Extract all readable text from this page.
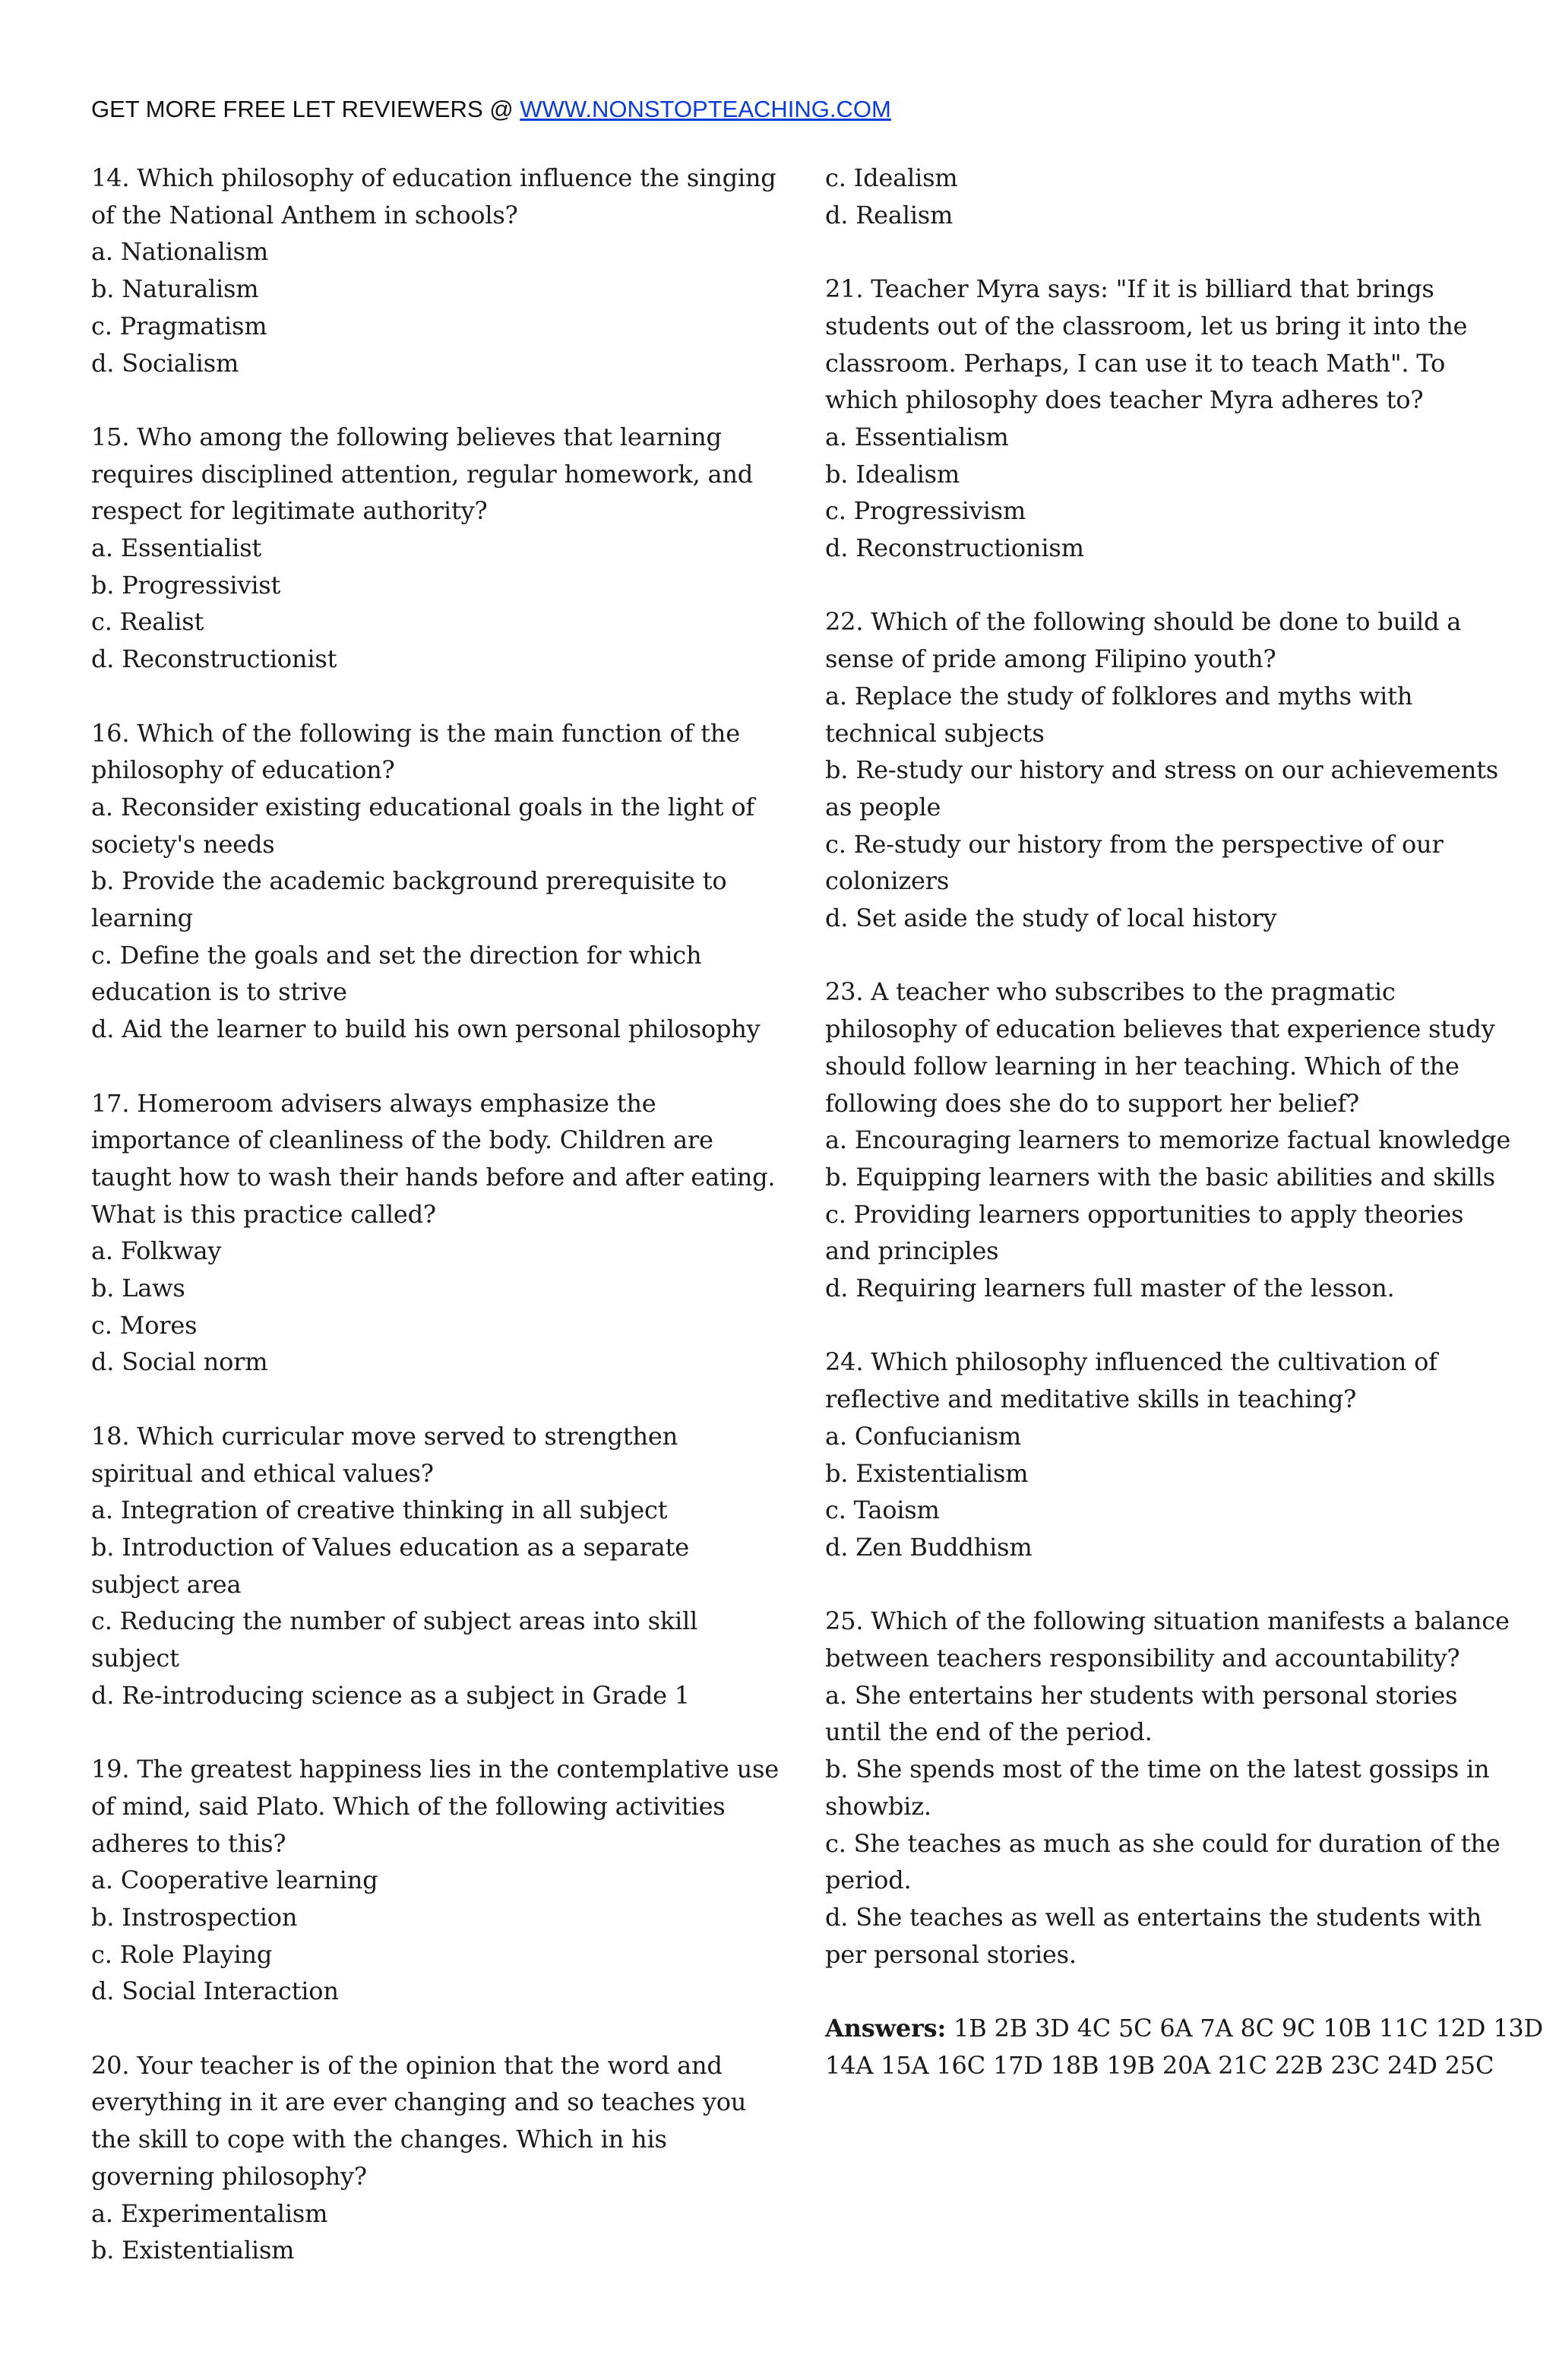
GET MORE FREE LET REVIEWERS @ WWW.NONSTOPTEACHING.COM
14. Which philosophy of education influence the singing
of the National Anthem in schools?
a. Nationalism
b. Naturalism
c. Pragmatism
d. Socialism
15. Who among the following believes that learning
requires disciplined attention, regular homework, and
respect for legitimate authority?
a. Essentialist
b. Progressivist
c. Realist
d. Reconstructionist
16. Which of the following is the main function of the
philosophy of education?
a. Reconsider existing educational goals in the light of
society's needs
b. Provide the academic background prerequisite to
learning
c. Define the goals and set the direction for which
education is to strive
d. Aid the learner to build his own personal philosophy
17. Homeroom advisers always emphasize the
importance of cleanliness of the body. Children are
taught how to wash their hands before and after eating.
What is this practice called?
a. Folkway
b. Laws
c. Mores
d. Social norm
18. Which curricular move served to strengthen
spiritual and ethical values?
a. Integration of creative thinking in all subject
b. Introduction of Values education as a separate
subject area
c. Reducing the number of subject areas into skill
subject
d. Re-introducing science as a subject in Grade 1
19. The greatest happiness lies in the contemplative use
of mind, said Plato. Which of the following activities
adheres to this?
a. Cooperative learning
b. Instrospection
c. Role Playing
d. Social Interaction
20. Your teacher is of the opinion that the word and
everything in it are ever changing and so teaches you
the skill to cope with the changes. Which in his
governing philosophy?
a. Experimentalism
b. Existentialism
c. Idealism
d. Realism
21. Teacher Myra says: "If it is billiard that brings
students out of the classroom, let us bring it into the
classroom. Perhaps, I can use it to teach Math". To
which philosophy does teacher Myra adheres to?
a. Essentialism
b. Idealism
c. Progressivism
d. Reconstructionism
22. Which of the following should be done to build a
sense of pride among Filipino youth?
a. Replace the study of folklores and myths with
technical subjects
b. Re-study our history and stress on our achievements
as people
c. Re-study our history from the perspective of our
colonizers
d. Set aside the study of local history
23. A teacher who subscribes to the pragmatic
philosophy of education believes that experience study
should follow learning in her teaching. Which of the
following does she do to support her belief?
a. Encouraging learners to memorize factual knowledge
b. Equipping learners with the basic abilities and skills
c. Providing learners opportunities to apply theories
and principles
d. Requiring learners full master of the lesson.
24. Which philosophy influenced the cultivation of
reflective and meditative skills in teaching?
a. Confucianism
b. Existentialism
c. Taoism
d. Zen Buddhism
25. Which of the following situation manifests a balance
between teachers responsibility and accountability?
a. She entertains her students with personal stories
until the end of the period.
b. She spends most of the time on the latest gossips in
showbiz.
c. She teaches as much as she could for duration of the
period.
d. She teaches as well as entertains the students with
per personal stories.
Answers: 1B 2B 3D 4C 5C 6A 7A 8C 9C 10B 11C 12D 13D
14A 15A 16C 17D 18B 19B 20A 21C 22B 23C 24D 25C
